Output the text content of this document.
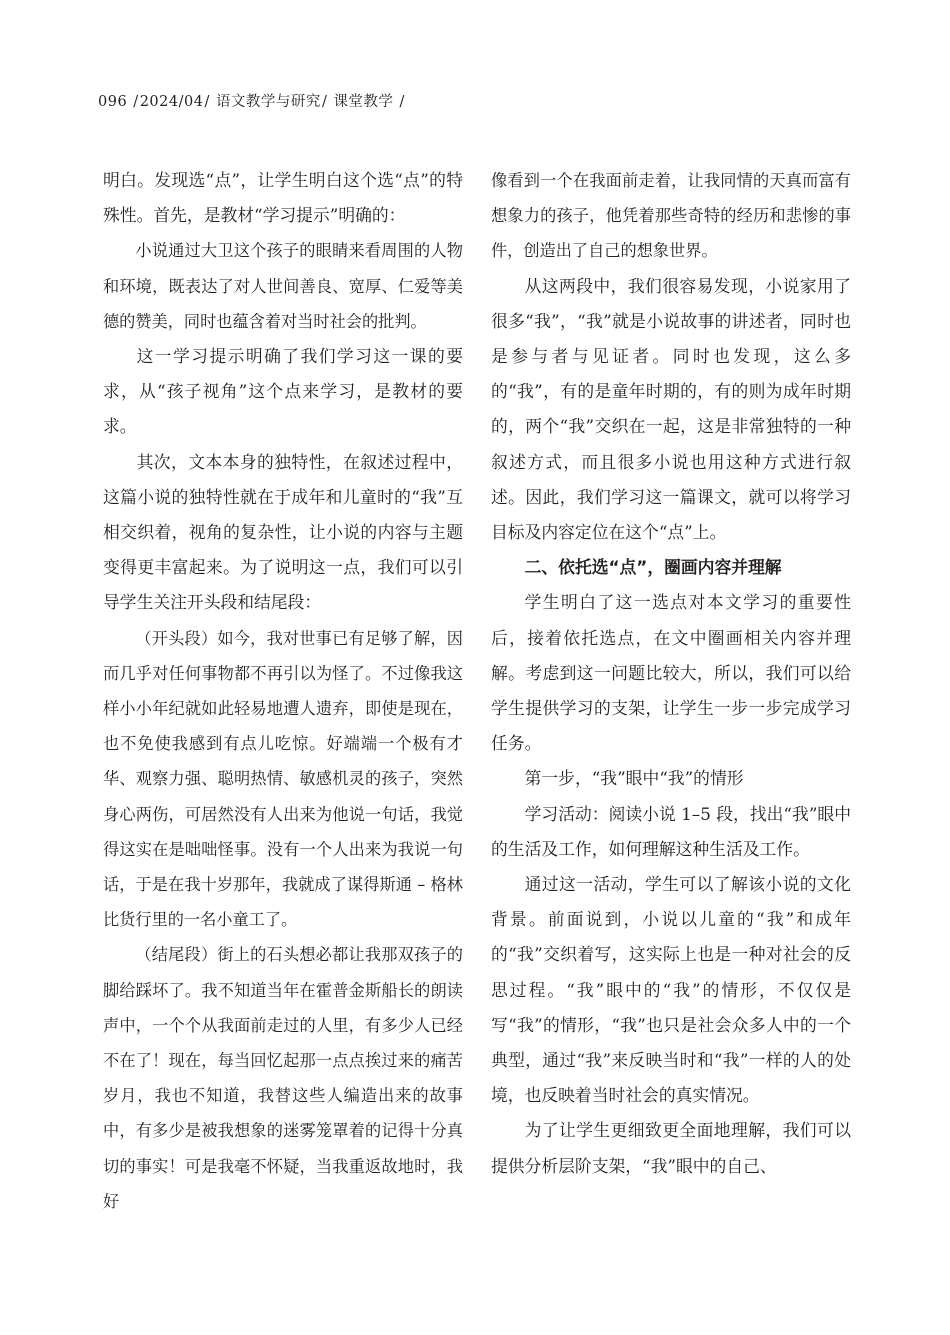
096 /2024/04/ 语文教学与研究/ 课堂教学 /

明白。发现选“点”，让学生明白这个选“点”的特殊性。首先，是教材“学习提示”明确的：

小说通过大卫这个孩子的眼睛来看周围的人物和环境，既表达了对人世间善良、宽厚、仁爱等美德的赞美，同时也蕴含着对当时社会的批判。

这一学习提示明确了我们学习这一课的要求，从“孩子视角”这个点来学习，是教材的要求。

其次，文本本身的独特性，在叙述过程中，这篇小说的独特性就在于成年和儿童时的“我”互相交织着，视角的复杂性，让小说的内容与主题变得更丰富起来。为了说明这一点，我们可以引导学生关注开头段和结尾段：

（开头段）如今，我对世事已有足够了解，因而几乎对任何事物都不再引以为怪了。不过像我这样小小年纪就如此轻易地遭人遗弃，即使是现在，也不免使我感到有点儿吃惊。好端端一个极有才华、观察力强、聪明热情、敏感机灵的孩子，突然身心两伤，可居然没有人出来为他说一句话，我觉得这实在是咄咄怪事。没有一个人出来为我说一句话，于是在我十岁那年，我就成了谋得斯通 – 格林比货行里的一名小童工了。

（结尾段）街上的石头想必都让我那双孩子的脚给踩坏了。我不知道当年在霍普金斯船长的朗读声中，一个个从我面前走过的人里，有多少人已经不在了！现在，每当回忆起那一点点挨过来的痛苦岁月，我也不知道，我替这些人编造出来的故事中，有多少是被我想象的迷雾笼罩着的记得十分真切的事实！可是我毫不怀疑，当我重返故地时，我好

像看到一个在我面前走着，让我同情的天真而富有想象力的孩子，他凭着那些奇特的经历和悲惨的事件，创造出了自己的想象世界。

从这两段中，我们很容易发现，小说家用了很多“我”，“我”就是小说故事的讲述者，同时也是参与者与见证者。同时也发现，这么多的“我”，有的是童年时期的，有的则为成年时期的，两个“我”交织在一起，这是非常独特的一种叙述方式，而且很多小说也用这种方式进行叙述。因此，我们学习这一篇课文，就可以将学习目标及内容定位在这个“点”上。

二、依托选“点”，圈画内容并理解

学生明白了这一选点对本文学习的重要性后，接着依托选点，在文中圈画相关内容并理解。考虑到这一问题比较大，所以，我们可以给学生提供学习的支架，让学生一步一步完成学习任务。

第一步，“我”眼中“我”的情形

学习活动：阅读小说 1–5 段，找出“我”眼中的生活及工作，如何理解这种生活及工作。

通过这一活动，学生可以了解该小说的文化背景。前面说到，小说以儿童的“我”和成年的“我”交织着写，这实际上也是一种对社会的反思过程。“我”眼中的“我”的情形，不仅仅是写“我”的情形，“我”也只是社会众多人中的一个典型，通过“我”来反映当时和“我”一样的人的处境，也反映着当时社会的真实情况。

为了让学生更细致更全面地理解，我们可以提供分析层阶支架，“我”眼中的自己、
